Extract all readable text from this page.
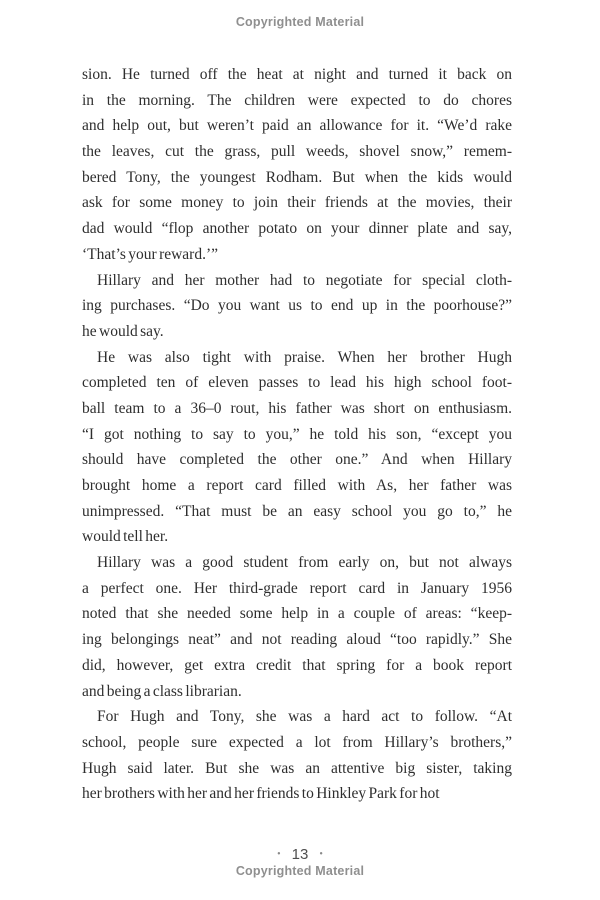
Copyrighted Material
sion. He turned off the heat at night and turned it back on
in the morning. The children were expected to do chores
and help out, but weren’t paid an allowance for it. “We’d rake
the leaves, cut the grass, pull weeds, shovel snow,” remem-
bered Tony, the youngest Rodham. But when the kids would
ask for some money to join their friends at the movies, their
dad would “flop another potato on your dinner plate and say,
‘That’s your reward.’”
Hillary and her mother had to negotiate for special cloth-
ing purchases. “Do you want us to end up in the poorhouse?”
he would say.
He was also tight with praise. When her brother Hugh
completed ten of eleven passes to lead his high school foot-
ball team to a 36–0 rout, his father was short on enthusiasm.
“I got nothing to say to you,” he told his son, “except you
should have completed the other one.” And when Hillary
brought home a report card filled with As, her father was
unimpressed. “That must be an easy school you go to,” he
would tell her.
Hillary was a good student from early on, but not always
a perfect one. Her third-grade report card in January 1956
noted that she needed some help in a couple of areas: “keep-
ing belongings neat” and not reading aloud “too rapidly.” She
did, however, get extra credit that spring for a book report
and being a class librarian.
For Hugh and Tony, she was a hard act to follow. “At
school, people sure expected a lot from Hillary’s brothers,”
Hugh said later. But she was an attentive big sister, taking
her brothers with her and her friends to Hinkley Park for hot
• 13 •
Copyrighted Material
